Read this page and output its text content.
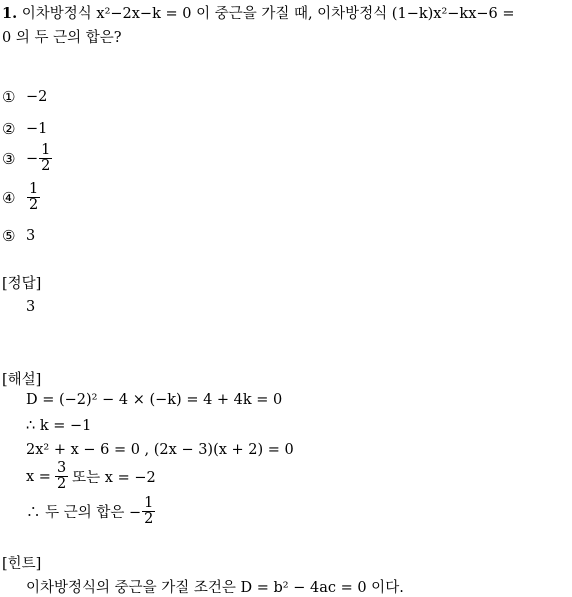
1. 이차방정식 x²−2x−k = 0 이 중근을 가질 때, 이차방정식 (1−k)x²−kx−6 =
0 의 두 근의 합은?
① −2
② −1
③ − $\frac{1}{2}$
④ $\frac{1}{2}$
⑤ 3
[정답]
3
[해설]
D = (−2)² − 4 × (−k) = 4 + 4k = 0
∴ k = −1
2x² + x − 6 = 0 , (2x − 3)(x + 2) = 0
$x = \frac{3}{2}$ 또는 x = −2
∴ 두 근의 합은 − $\frac{1}{2}$
[힌트]
이차방정식의 중근을 가질 조건은 D = b² − 4ac = 0 이다.
